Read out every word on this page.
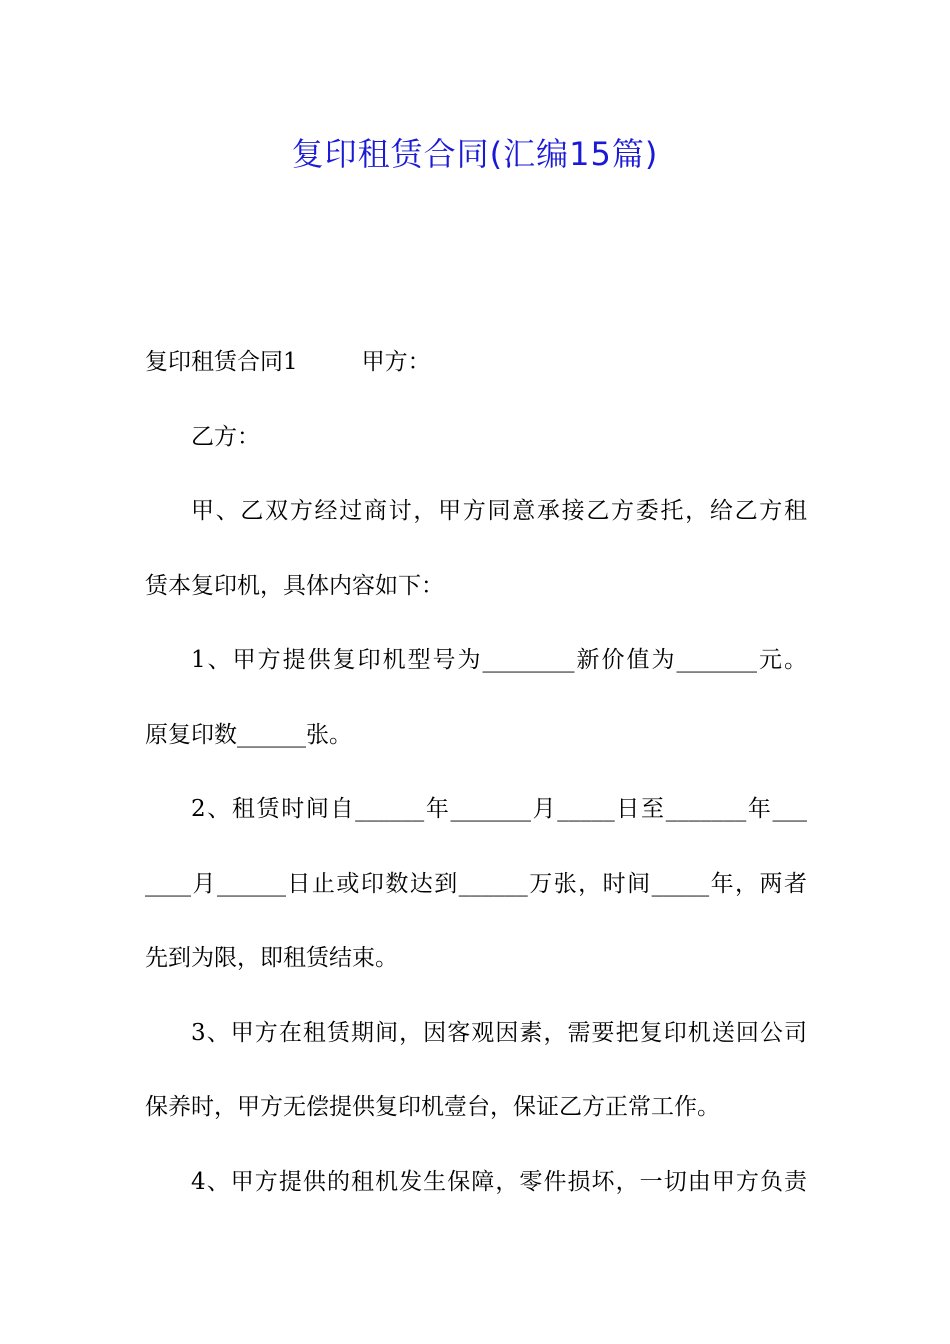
复印租赁合同(汇编15篇)
复印租赁合同1	甲方：
乙方：
甲、乙双方经过商讨，甲方同意承接乙方委托，给乙方租
赁本复印机，具体内容如下：
1、甲方提供复印机型号为________新价值为_______元。
原复印数______张。
2、租赁时间自______年_______月_____日至_______年___
____月______日止或印数达到______万张，时间_____年，两者
先到为限，即租赁结束。
3、甲方在租赁期间，因客观因素，需要把复印机送回公司
保养时，甲方无偿提供复印机壹台，保证乙方正常工作。
4、甲方提供的租机发生保障，零件损坏，一切由甲方负责
